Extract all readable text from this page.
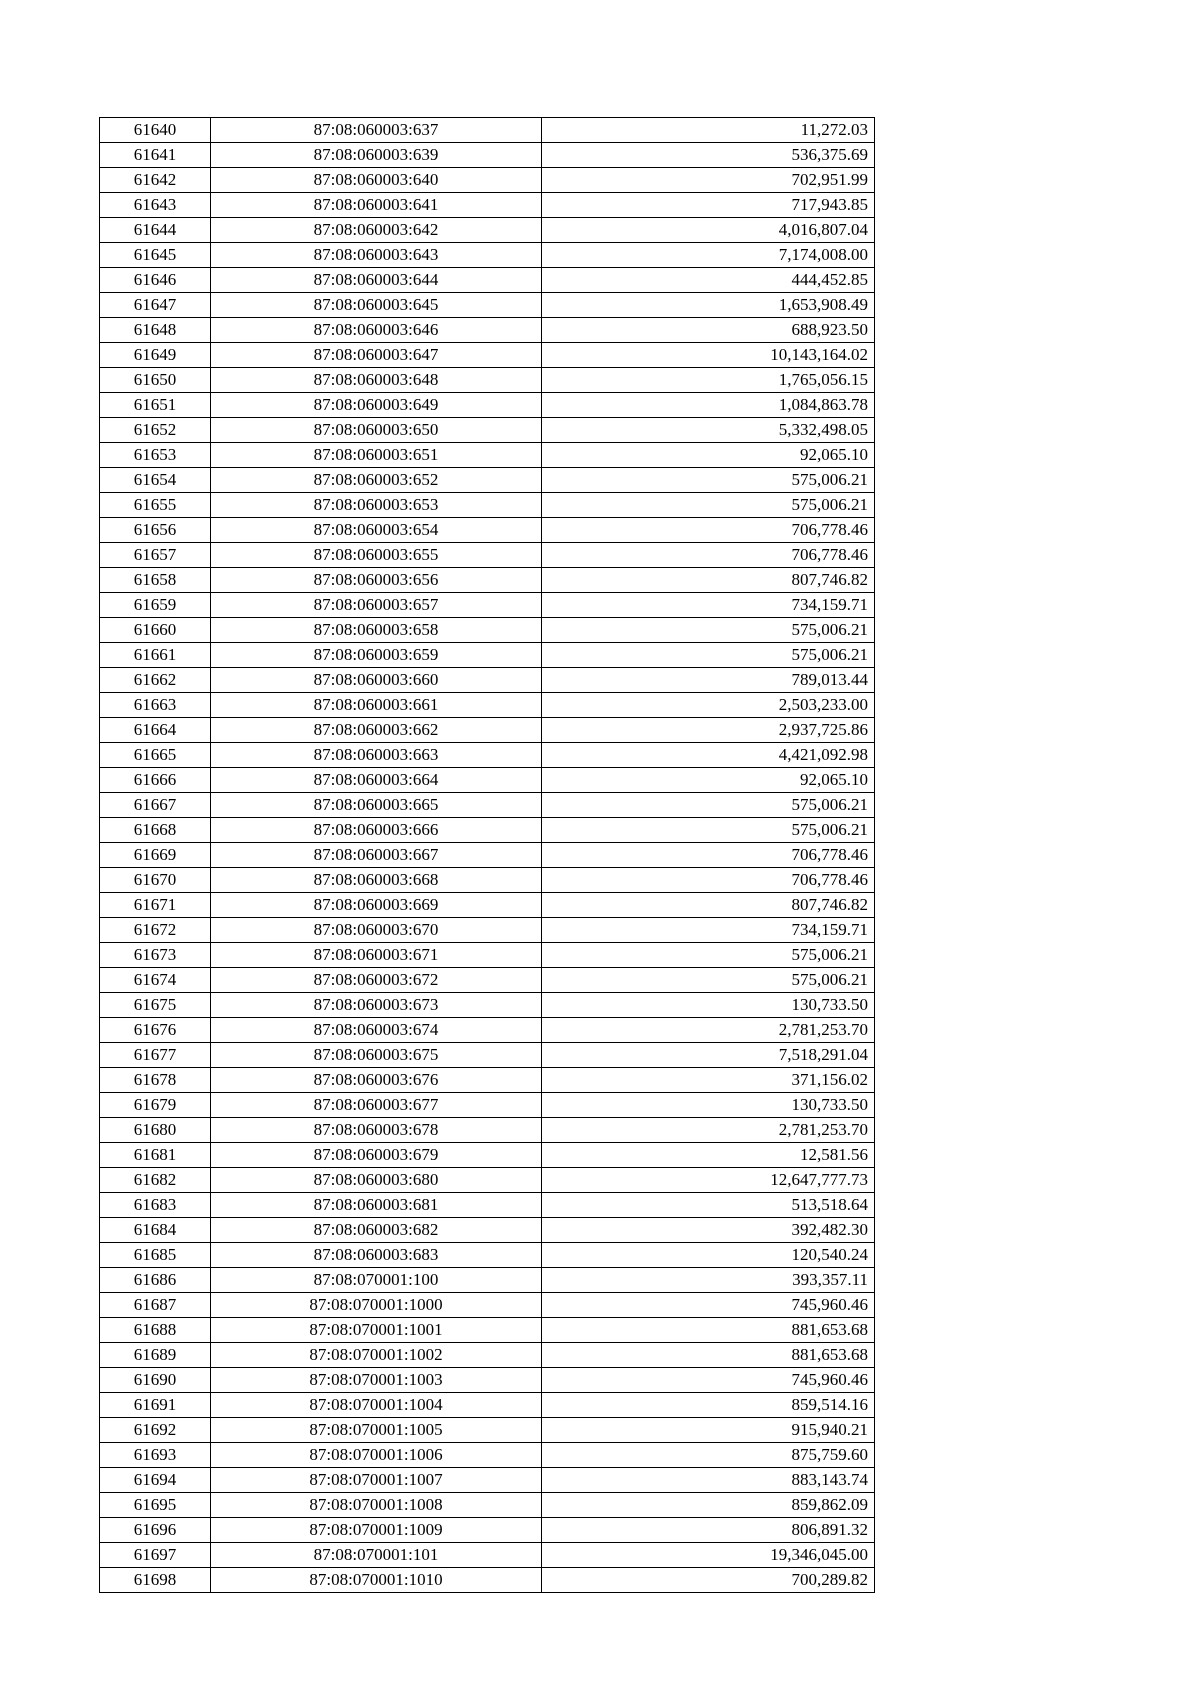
61640	87:08:060003:637	11,272.03
61641	87:08:060003:639	536,375.69
61642	87:08:060003:640	702,951.99
61643	87:08:060003:641	717,943.85
61644	87:08:060003:642	4,016,807.04
61645	87:08:060003:643	7,174,008.00
61646	87:08:060003:644	444,452.85
61647	87:08:060003:645	1,653,908.49
61648	87:08:060003:646	688,923.50
61649	87:08:060003:647	10,143,164.02
61650	87:08:060003:648	1,765,056.15
61651	87:08:060003:649	1,084,863.78
61652	87:08:060003:650	5,332,498.05
61653	87:08:060003:651	92,065.10
61654	87:08:060003:652	575,006.21
61655	87:08:060003:653	575,006.21
61656	87:08:060003:654	706,778.46
61657	87:08:060003:655	706,778.46
61658	87:08:060003:656	807,746.82
61659	87:08:060003:657	734,159.71
61660	87:08:060003:658	575,006.21
61661	87:08:060003:659	575,006.21
61662	87:08:060003:660	789,013.44
61663	87:08:060003:661	2,503,233.00
61664	87:08:060003:662	2,937,725.86
61665	87:08:060003:663	4,421,092.98
61666	87:08:060003:664	92,065.10
61667	87:08:060003:665	575,006.21
61668	87:08:060003:666	575,006.21
61669	87:08:060003:667	706,778.46
61670	87:08:060003:668	706,778.46
61671	87:08:060003:669	807,746.82
61672	87:08:060003:670	734,159.71
61673	87:08:060003:671	575,006.21
61674	87:08:060003:672	575,006.21
61675	87:08:060003:673	130,733.50
61676	87:08:060003:674	2,781,253.70
61677	87:08:060003:675	7,518,291.04
61678	87:08:060003:676	371,156.02
61679	87:08:060003:677	130,733.50
61680	87:08:060003:678	2,781,253.70
61681	87:08:060003:679	12,581.56
61682	87:08:060003:680	12,647,777.73
61683	87:08:060003:681	513,518.64
61684	87:08:060003:682	392,482.30
61685	87:08:060003:683	120,540.24
61686	87:08:070001:100	393,357.11
61687	87:08:070001:1000	745,960.46
61688	87:08:070001:1001	881,653.68
61689	87:08:070001:1002	881,653.68
61690	87:08:070001:1003	745,960.46
61691	87:08:070001:1004	859,514.16
61692	87:08:070001:1005	915,940.21
61693	87:08:070001:1006	875,759.60
61694	87:08:070001:1007	883,143.74
61695	87:08:070001:1008	859,862.09
61696	87:08:070001:1009	806,891.32
61697	87:08:070001:101	19,346,045.00
61698	87:08:070001:1010	700,289.82
